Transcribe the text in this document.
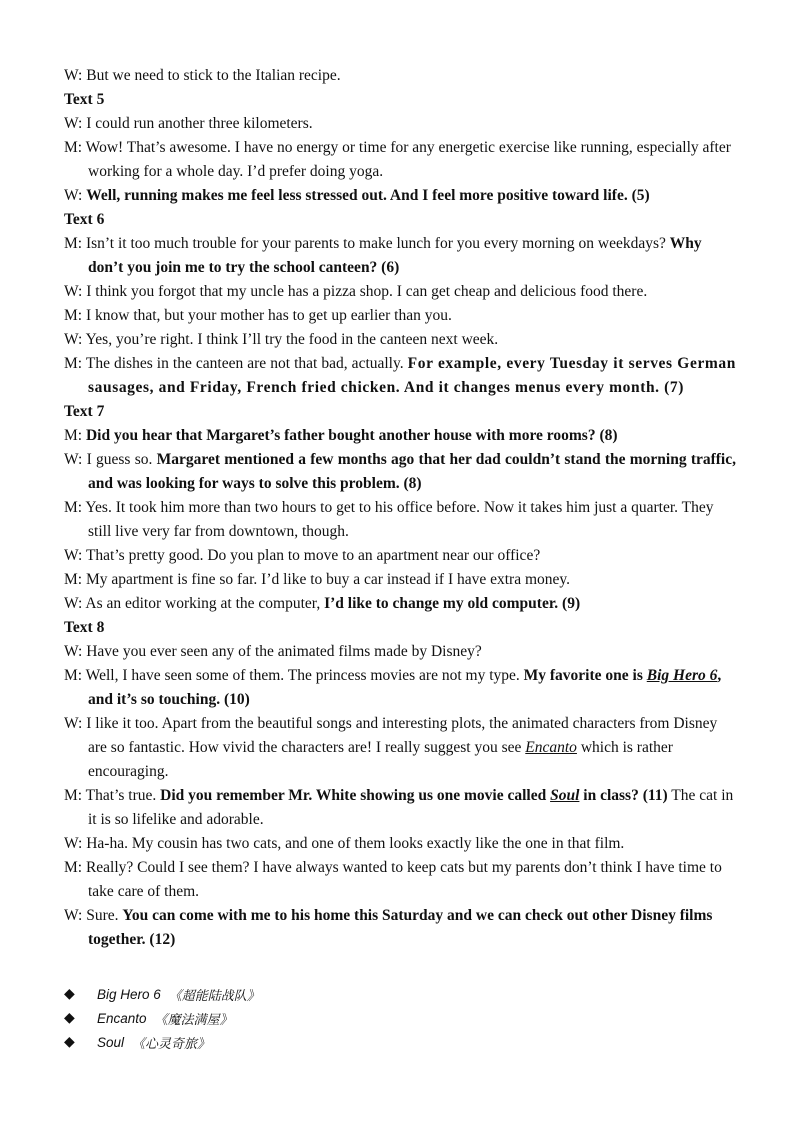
W: But we need to stick to the Italian recipe.

Text 5

W: I could run another three kilometers.

M: Wow! That’s awesome. I have no energy or time for any energetic exercise like running, especially after working for a whole day. I’d prefer doing yoga.

W: Well, running makes me feel less stressed out. And I feel more positive toward life. (5)

Text 6

M: Isn’t it too much trouble for your parents to make lunch for you every morning on weekdays? Why don’t you join me to try the school canteen? (6)

W: I think you forgot that my uncle has a pizza shop. I can get cheap and delicious food there.

M: I know that, but your mother has to get up earlier than you.

W: Yes, you’re right. I think I’ll try the food in the canteen next week.

M: The dishes in the canteen are not that bad, actually. For example, every Tuesday it serves German sausages, and Friday, French fried chicken. And it changes menus every month. (7)

Text 7

M: Did you hear that Margaret’s father bought another house with more rooms? (8)

W: I guess so. Margaret mentioned a few months ago that her dad couldn’t stand the morning traffic, and was looking for ways to solve this problem. (8)

M: Yes. It took him more than two hours to get to his office before. Now it takes him just a quarter. They still live very far from downtown, though.

W: That’s pretty good. Do you plan to move to an apartment near our office?

M: My apartment is fine so far. I’d like to buy a car instead if I have extra money.

W: As an editor working at the computer, I’d like to change my old computer. (9)

Text 8

W: Have you ever seen any of the animated films made by Disney?

M: Well, I have seen some of them. The princess movies are not my type. My favorite one is Big Hero 6, and it’s so touching. (10)

W: I like it too. Apart from the beautiful songs and interesting plots, the animated characters from Disney are so fantastic. How vivid the characters are! I really suggest you see Encanto which is rather encouraging.

M: That’s true. Did you remember Mr. White showing us one movie called Soul in class? (11) The cat in it is so lifelike and adorable.

W: Ha-ha. My cousin has two cats, and one of them looks exactly like the one in that film.

M: Really? Could I see them? I have always wanted to keep cats but my parents don’t think I have time to take care of them.

W: Sure. You can come with me to his home this Saturday and we can check out other Disney films together. (12)

◆	Big Hero 6 《超能陆战队》
◆	Encanto 《魔法满屋》
◆	Soul 《心灵奇旅》
